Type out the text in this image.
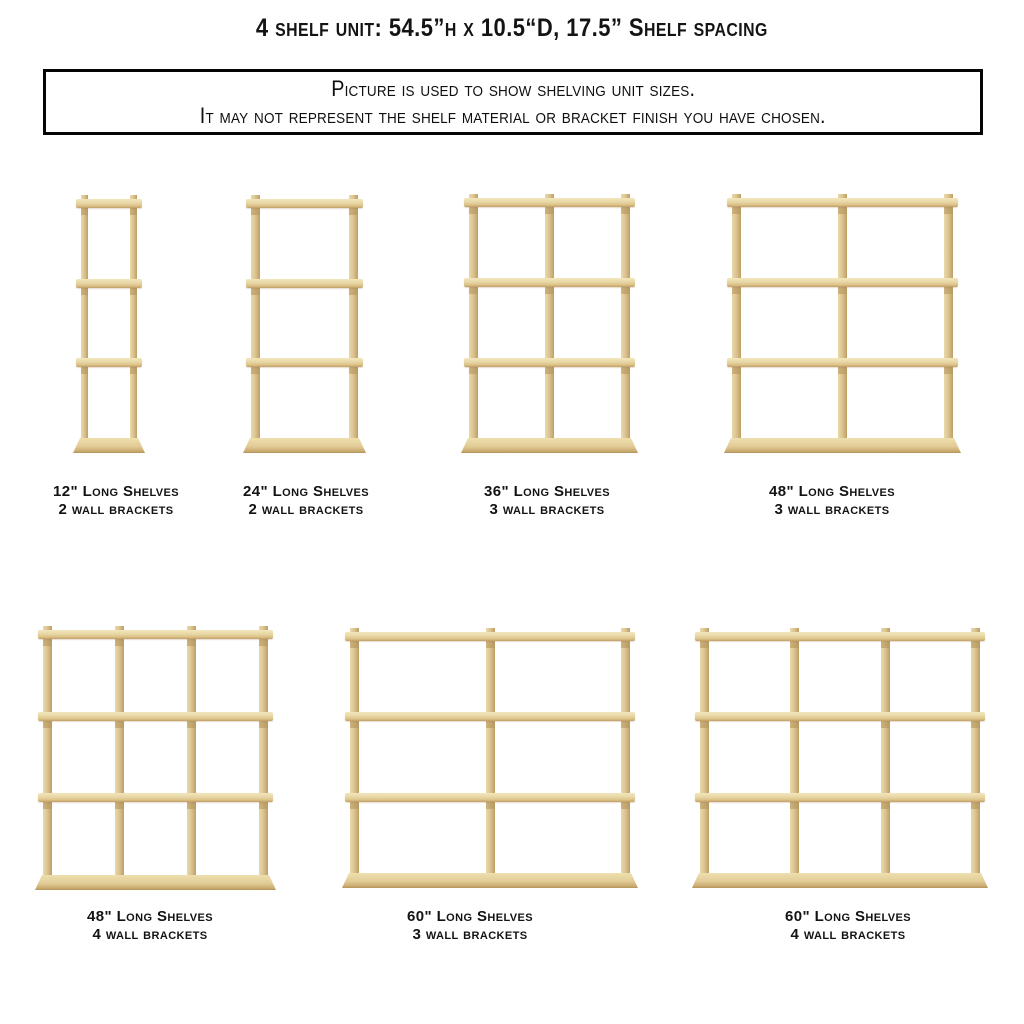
4 shelf unit: 54.5”h x 10.5“D, 17.5” Shelf spacing
Picture is used to show shelving unit sizes.
It may not represent the shelf material or bracket finish you have chosen.
12" Long Shelves
2 wall brackets
24" Long Shelves
2 wall brackets
36" Long Shelves
3 wall brackets
48" Long Shelves
3 wall brackets
48" Long Shelves
4 wall brackets
60" Long Shelves
3 wall brackets
60" Long Shelves
4 wall brackets
